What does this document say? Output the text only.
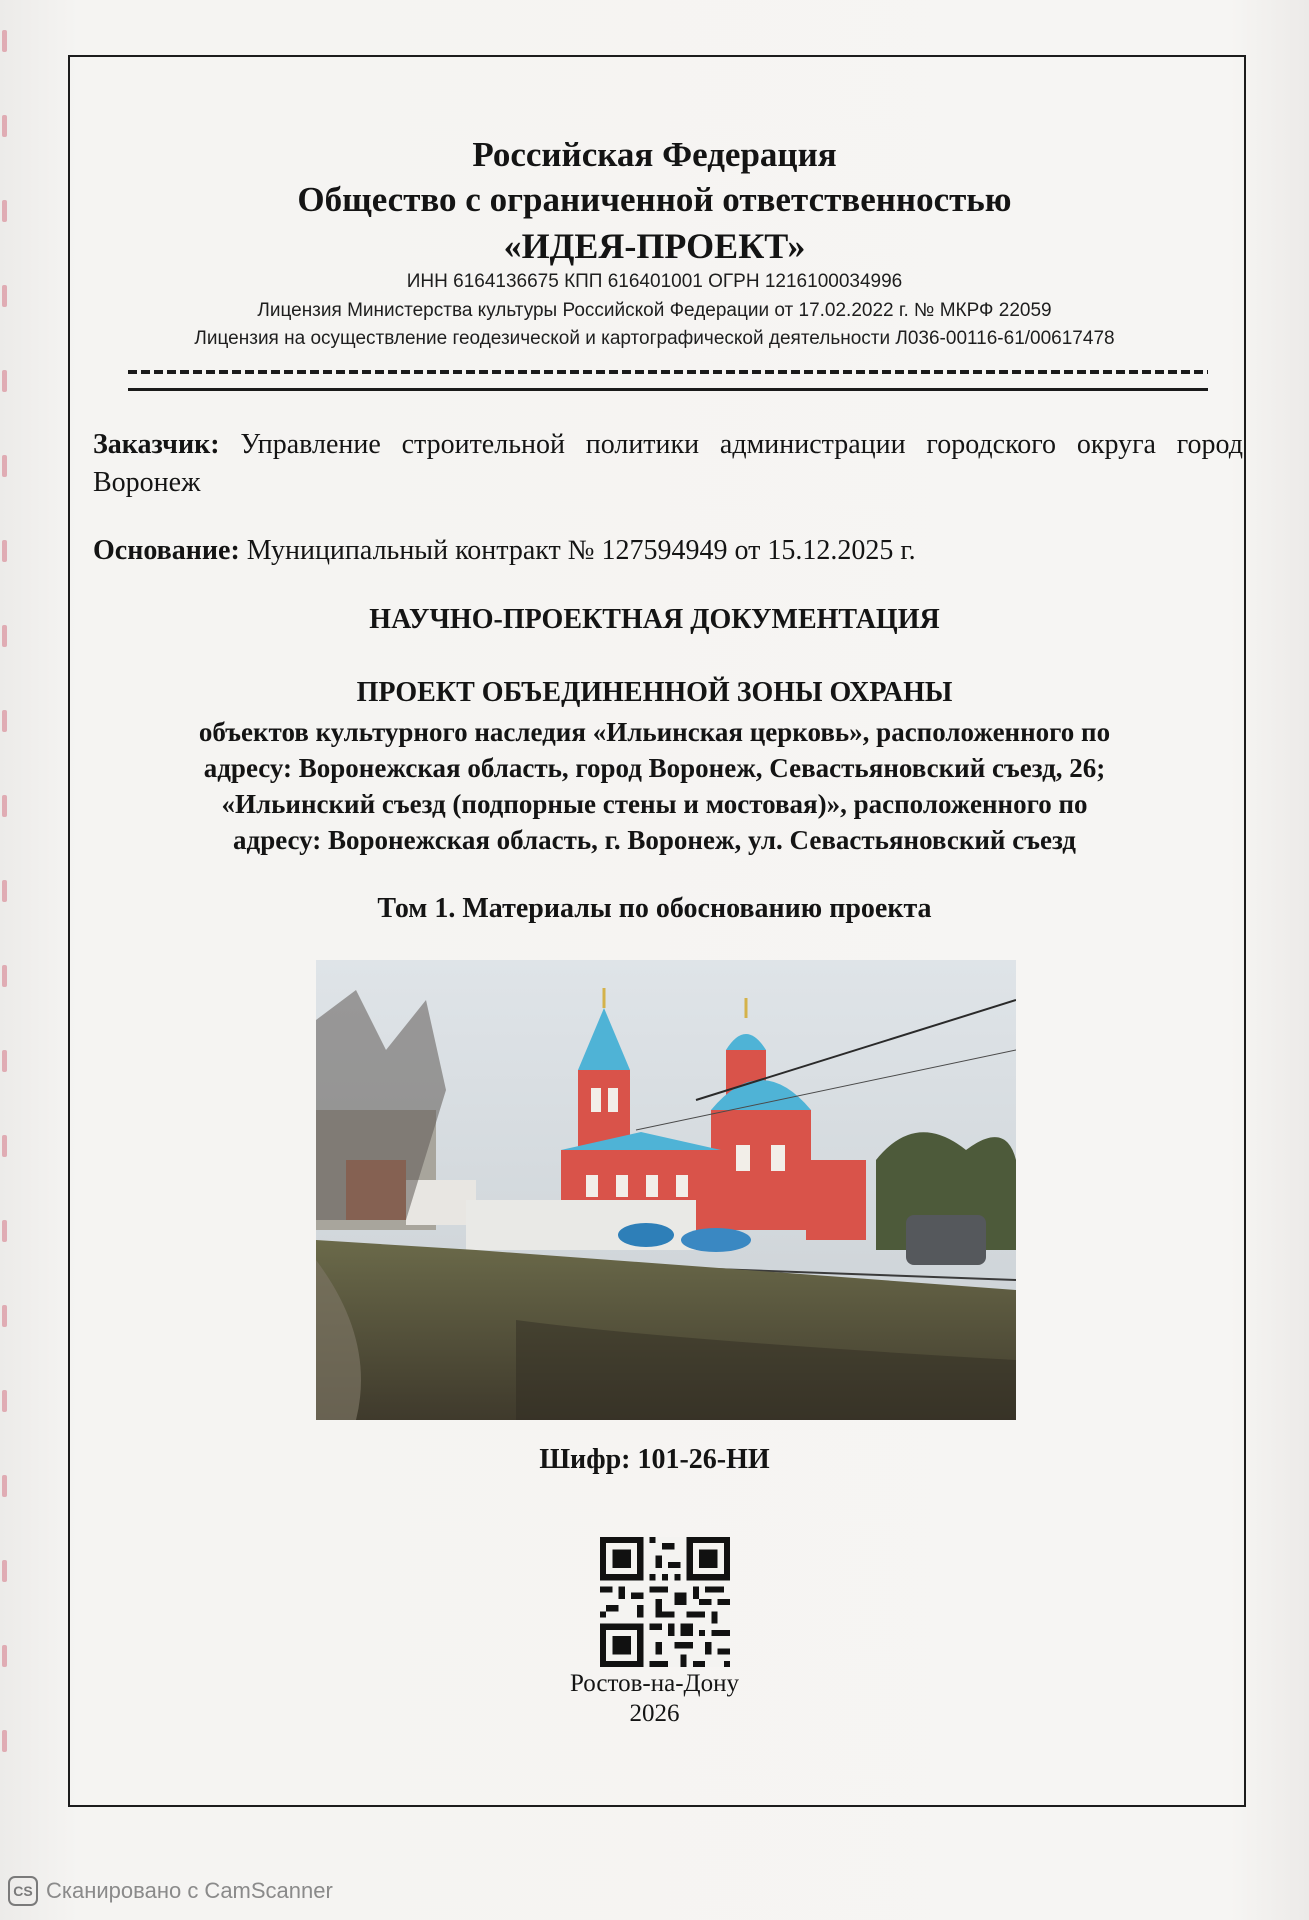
Российская Федерация
Общество с ограниченной ответственностью
«ИДЕЯ-ПРОЕКТ»
ИНН 6164136675 КПП 616401001 ОГРН 1216100034996
Лицензия Министерства культуры Российской Федерации от 17.02.2022 г. № МКРФ 22059
Лицензия на осуществление геодезической и картографической деятельности Л036-00116-61/00617478
Заказчик: Управление строительной политики администрации городского округа город Воронеж
Основание: Муниципальный контракт № 127594949 от 15.12.2025 г.
НАУЧНО-ПРОЕКТНАЯ ДОКУМЕНТАЦИЯ
ПРОЕКТ ОБЪЕДИНЕННОЙ ЗОНЫ ОХРАНЫ
объектов культурного наследия «Ильинская церковь», расположенного по
адресу: Воронежская область, город Воронеж, Севастьяновский съезд, 26;
«Ильинский съезд (подпорные стены и мостовая)», расположенного по
адресу: Воронежская область, г. Воронеж, ул. Севастьяновский съезд
Том 1. Материалы по обоснованию проекта
Шифр: 101-26-НИ
Ростов-на-Дону
2026
CS Сканировано с CamScanner
